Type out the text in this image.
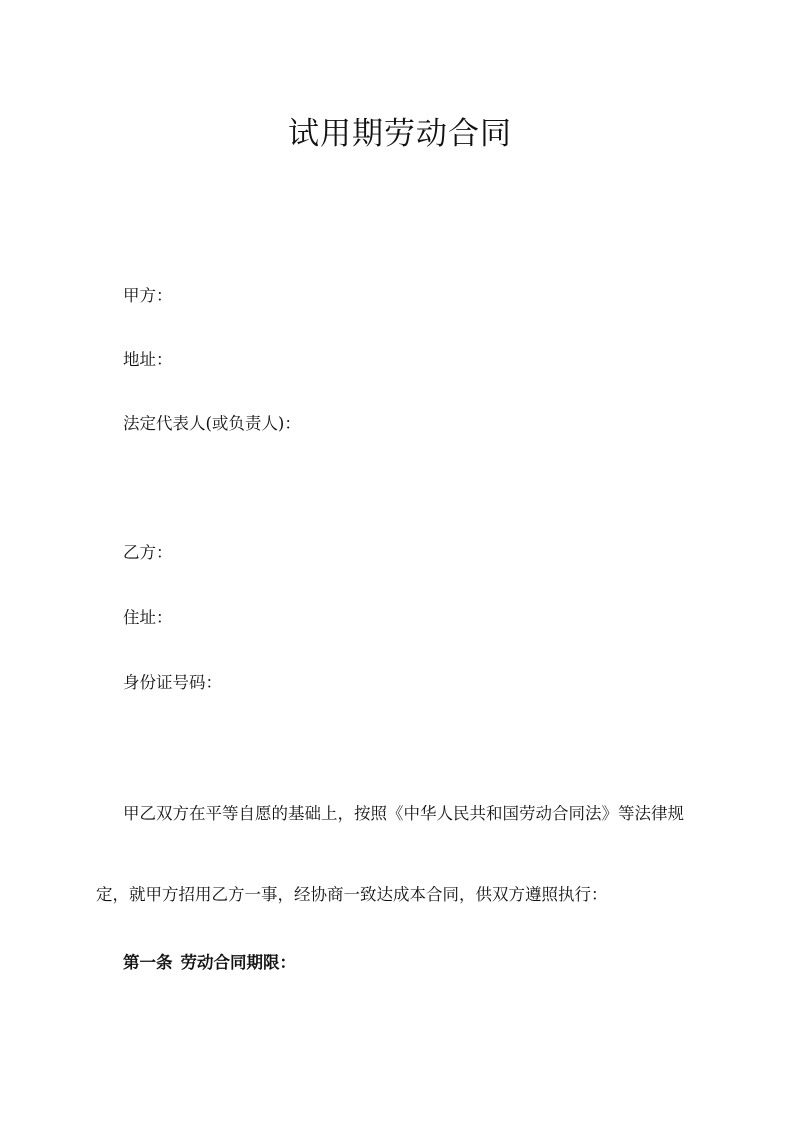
试用期劳动合同
甲方：
地址：
法定代表人(或负责人)：
乙方：
住址：
身份证号码：
甲乙双方在平等自愿的基础上，按照《中华人民共和国劳动合同法》等法律规
定，就甲方招用乙方一事，经协商一致达成本合同，供双方遵照执行：
第一条 劳动合同期限：
